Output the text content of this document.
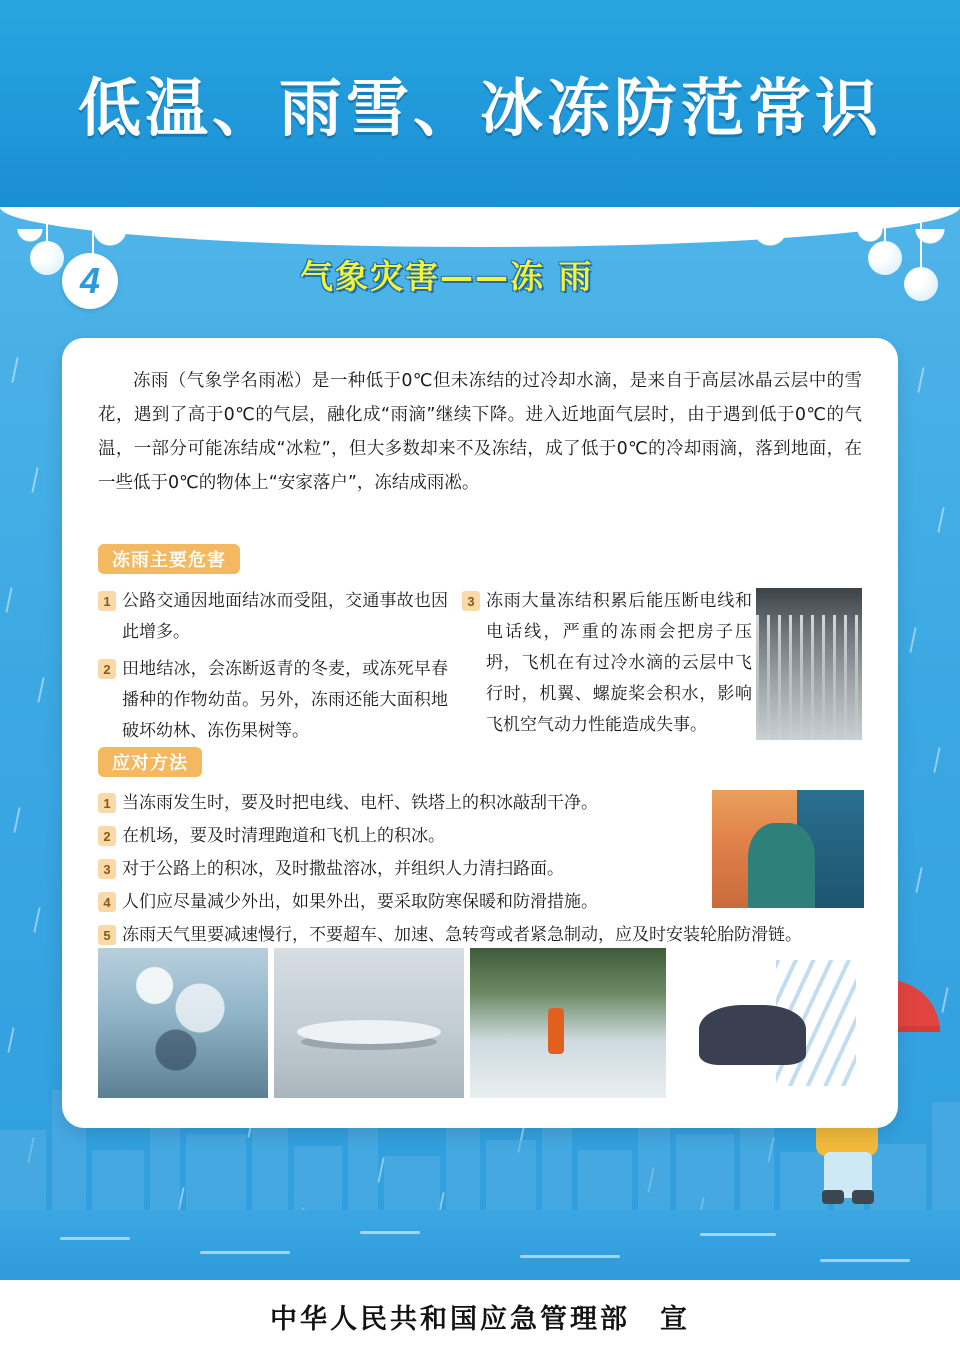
低温、雨雪、冰冻防范常识
4	气象灾害——冻 雨
冻雨（气象学名雨凇）是一种低于0℃但未冻结的过冷却水滴，是来自于高层冰晶云层中的雪花，遇到了高于0℃的气层，融化成“雨滴”继续下降。进入近地面气层时，由于遇到低于0℃的气温，一部分可能冻结成“冰粒”，但大多数却来不及冻结，成了低于0℃的冷却雨滴，落到地面，在一些低于0℃的物体上“安家落户”，冻结成雨凇。
冻雨主要危害
1 公路交通因地面结冰而受阻，交通事故也因此增多。
2 田地结冰，会冻断返青的冬麦，或冻死早春播种的作物幼苗。另外，冻雨还能大面积地破坏幼林、冻伤果树等。
3 冻雨大量冻结积累后能压断电线和电话线，严重的冻雨会把房子压坍，飞机在有过冷水滴的云层中飞行时，机翼、螺旋桨会积水，影响飞机空气动力性能造成失事。
应对方法
1 当冻雨发生时，要及时把电线、电杆、铁塔上的积冰敲刮干净。
2 在机场，要及时清理跑道和飞机上的积冰。
3 对于公路上的积冰，及时撒盐溶冰，并组织人力清扫路面。
4 人们应尽量减少外出，如果外出，要采取防寒保暖和防滑措施。
5 冻雨天气里要减速慢行，不要超车、加速、急转弯或者紧急制动，应及时安装轮胎防滑链。
中华人民共和国应急管理部　宣
